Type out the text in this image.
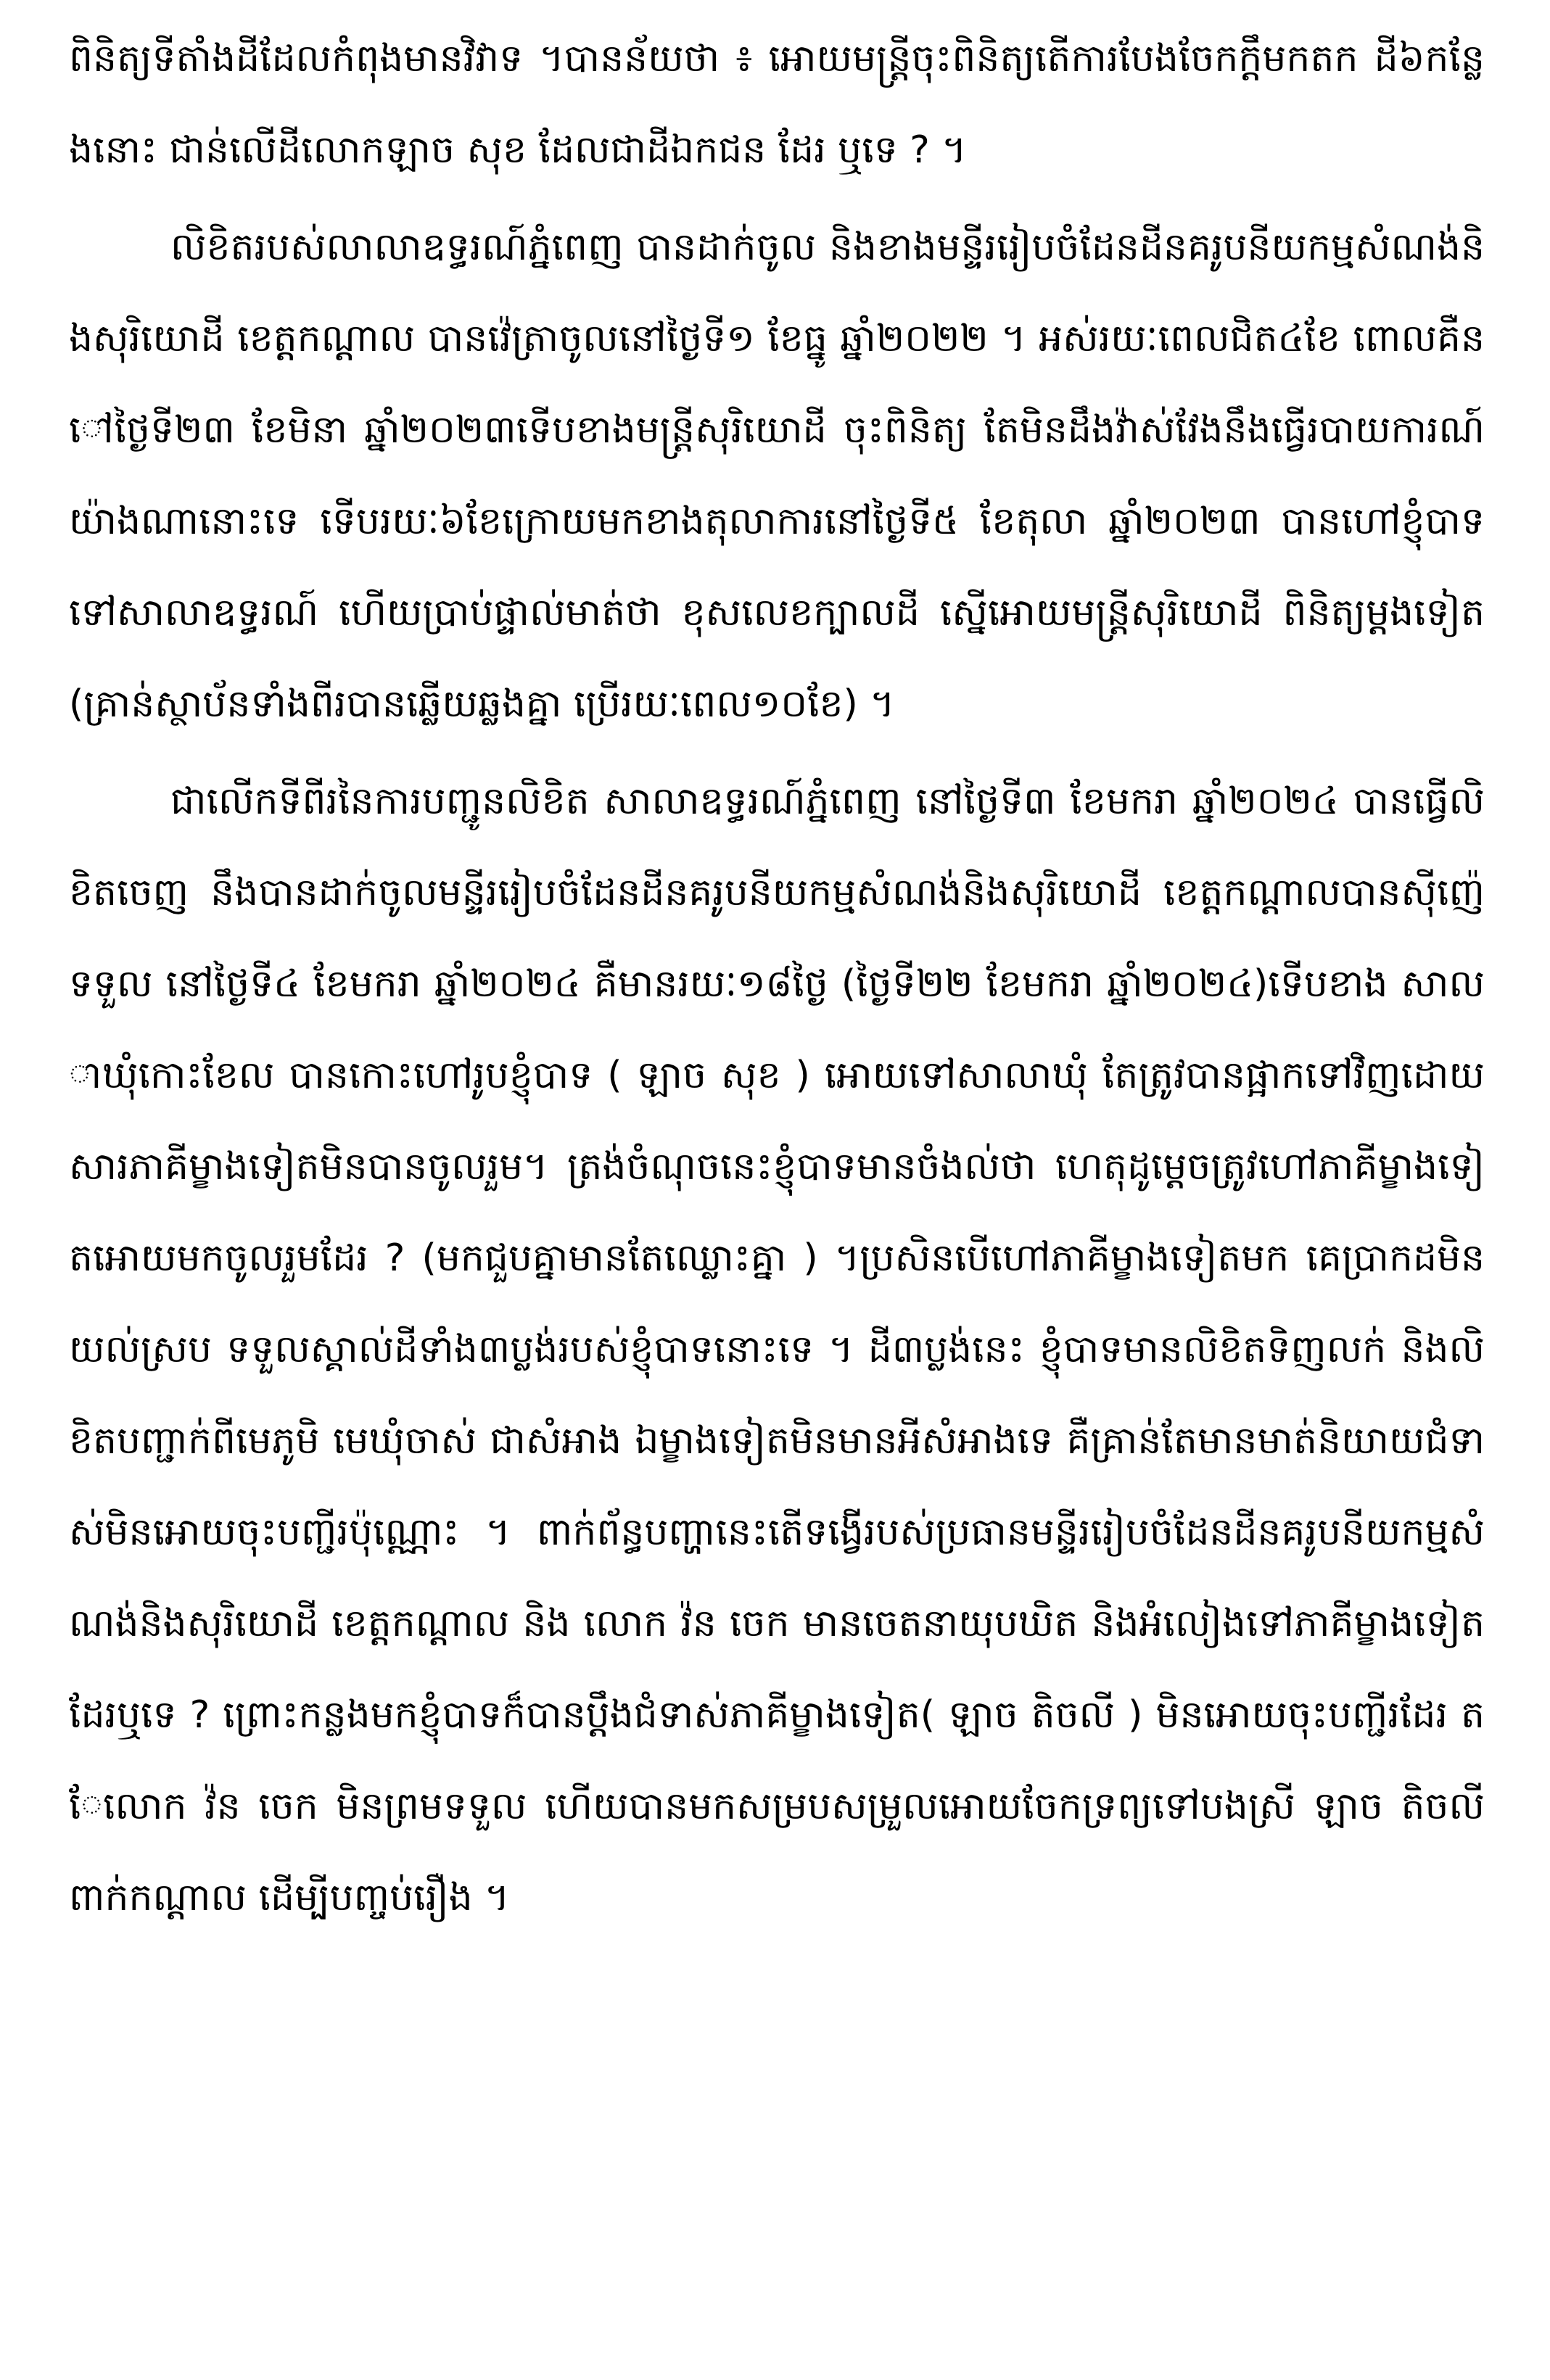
ពិនិត្យទីតាំងដីដែលកំពុងមានវិវាទ ។បានន័យថា ៖ អោយមន្ត្រីចុះពិនិត្យតើការបែងចែកក្តឹមកតក ដី៦កន្លែងនោះ ជាន់លើដីលោកឡាច សុខ ដែលជាដីឯកជន ដែរ ឬទេ ? ។

លិខិតរបស់លាលាឧទ្ធរណ៍ភ្នំពេញ បានដាក់ចូល និងខាងមន្ទីររៀបចំដែនដីនគរូបនីយកម្មសំណង់និងសុរិយោដី ខេត្តកណ្តាល បានវ៉េត្រាចូលនៅថ្ងៃទី១ ខែធ្នូ ឆ្នាំ២០២២ ។ អស់រយៈពេលជិត៤ខែ ពោលគឺនៅថ្ងៃទី២៣ ខែមិនា ឆ្នាំ២០២៣ទើបខាងមន្ត្រីសុរិយោដី ចុះពិនិត្យ តែមិនដឹងវ៉ាស់វែងនឹងធ្វើរបាយការណ៍យ៉ាងណានោះទេ ទើបរយៈ៦ខែក្រោយមកខាងតុលាការនៅថ្ងៃទី៥ ខែតុលា ឆ្នាំ២០២៣ បានហៅខ្ញុំបាទ ទៅសាលាឧទ្ធរណ៍ ហើយប្រាប់ផ្ទាល់មាត់ថា ខុសលេខក្បាលដី ស្នើអោយមន្ត្រីសុរិយោដី ពិនិត្យម្តងទៀត (គ្រាន់ស្ថាប័នទាំងពីរបានឆ្លើយឆ្លងគ្នា ប្រើរយៈពេល១០ខែ) ។

ជាលើកទីពីរនៃការបញ្ជូនលិខិត សាលាឧទ្ធរណ៍ភ្នំពេញ នៅថ្ងៃទី៣ ខែមករា ឆ្នាំ២០២៤ បានធ្វើលិខិតចេញ នឹងបានដាក់ចូលមន្ទីររៀបចំដែនដីនគរូបនីយកម្មសំណង់និងសុរិយោដី ខេត្តកណ្តាលបានស៊ីញ៉េទទួល នៅថ្ងៃទី៤ ខែមករា ឆ្នាំ២០២៤ គឺមានរយៈ១៨ថ្ងៃ (ថ្ងៃទី២២ ខែមករា ឆ្នាំ២០២៤)ទើបខាង សាលាឃុំកោះខែល បានកោះហៅរូបខ្ញុំបាទ ( ឡាច សុខ ) អោយទៅសាលាឃុំ តែត្រូវបានផ្អាកទៅវិញដោយសារភាគីម្ខាងទៀតមិនបានចូលរួម។ ត្រង់ចំណុចនេះខ្ញុំបាទមានចំងល់ថា ហេតុដូម្តេចត្រូវហៅភាគីម្ខាងទៀតអោយមកចូលរួមដែរ ? (មកជួបគ្នាមានតែឈ្លោះគ្នា ) ។ប្រសិនបើហៅភាគីម្ខាងទៀតមក គេប្រាកដមិនយល់ស្រប ទទួលស្គាល់ដីទាំង៣ប្លង់របស់ខ្ញុំបាទនោះទេ ។ ដី៣ប្លង់នេះ ខ្ញុំបាទមានលិខិតទិញលក់ និងលិខិតបញ្ជាក់ពីមេភូមិ មេឃុំចាស់ ជាសំអាង ឯម្ខាងទៀតមិនមានអីសំអាងទេ គឺគ្រាន់តែមានមាត់និយាយជំទាស់មិនអោយចុះបញ្ជីរប៉ុណ្ណោះ ។ ពាក់ព័ន្ធបញ្ហានេះតើទង្វើរបស់ប្រធានមន្ទីររៀបចំដែនដីនគរូបនីយកម្មសំណង់និងសុរិយោដី ខេត្តកណ្តាល និង លោក វ៉ន ចេក មានចេតនាយុបឃិត និងអំលៀងទៅភាគីម្ខាងទៀតដែរឬទេ ? ព្រោះកន្លងមកខ្ញុំបាទក៏បានប្តឹងជំទាស់ភាគីម្ខាងទៀត( ឡាច តិចលី ) មិនអោយចុះបញ្ជីរដែរ តែលោក វ៉ន ចេក មិនព្រមទទួល ហើយបានមកសម្របសម្រួលអោយចែកទ្រព្យទៅបងស្រី ឡាច តិចលី ពាក់កណ្តាល ដើម្បីបញ្ចប់រឿង ។
